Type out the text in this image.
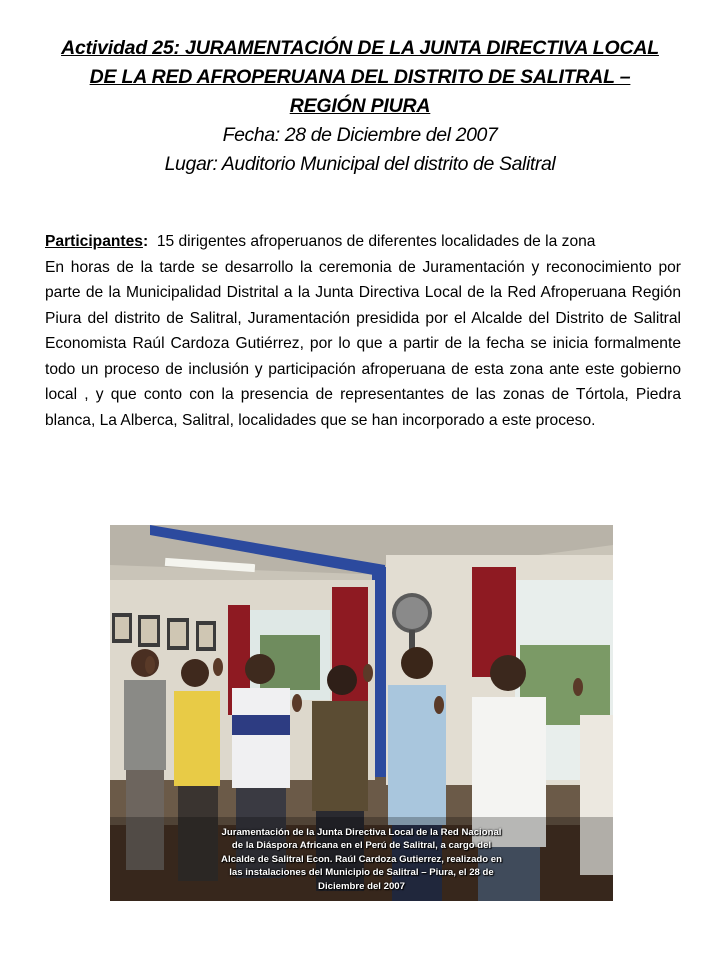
Actividad 25: JURAMENTACIÓN DE LA JUNTA DIRECTIVA LOCAL
DE LA RED AFROPERUANA DEL DISTRITO DE SALITRAL –
REGIÓN PIURA
Fecha: 28 de Diciembre del 2007
Lugar: Auditorio Municipal del distrito de Salitral
Participantes: 15 dirigentes afroperuanos de diferentes localidades de la zona

En horas de la tarde se desarrollo la ceremonia de Juramentación y reconocimiento por parte de la Municipalidad Distrital a la Junta Directiva Local de la Red Afroperuana Región Piura del distrito de Salitral, Juramentación presidida por el Alcalde del Distrito de Salitral Economista Raúl Cardoza Gutiérrez, por lo que a partir de la fecha se inicia formalmente todo un proceso de inclusión y participación afroperuana de esta zona ante este gobierno local , y que conto con la presencia de representantes de las zonas de Tórtola, Piedra blanca, La Alberca, Salitral, localidades que se han incorporado a este proceso.

Juramentación de la Junta Directiva Local de la Red Nacional
de la Diáspora Africana en el Perú de Salitral, a cargo del
Alcalde de Salitral Econ. Raúl Cardoza Gutierrez, realizado en
las instalaciones del Municipio de Salitral – Piura, el 28 de
Diciembre del 2007
